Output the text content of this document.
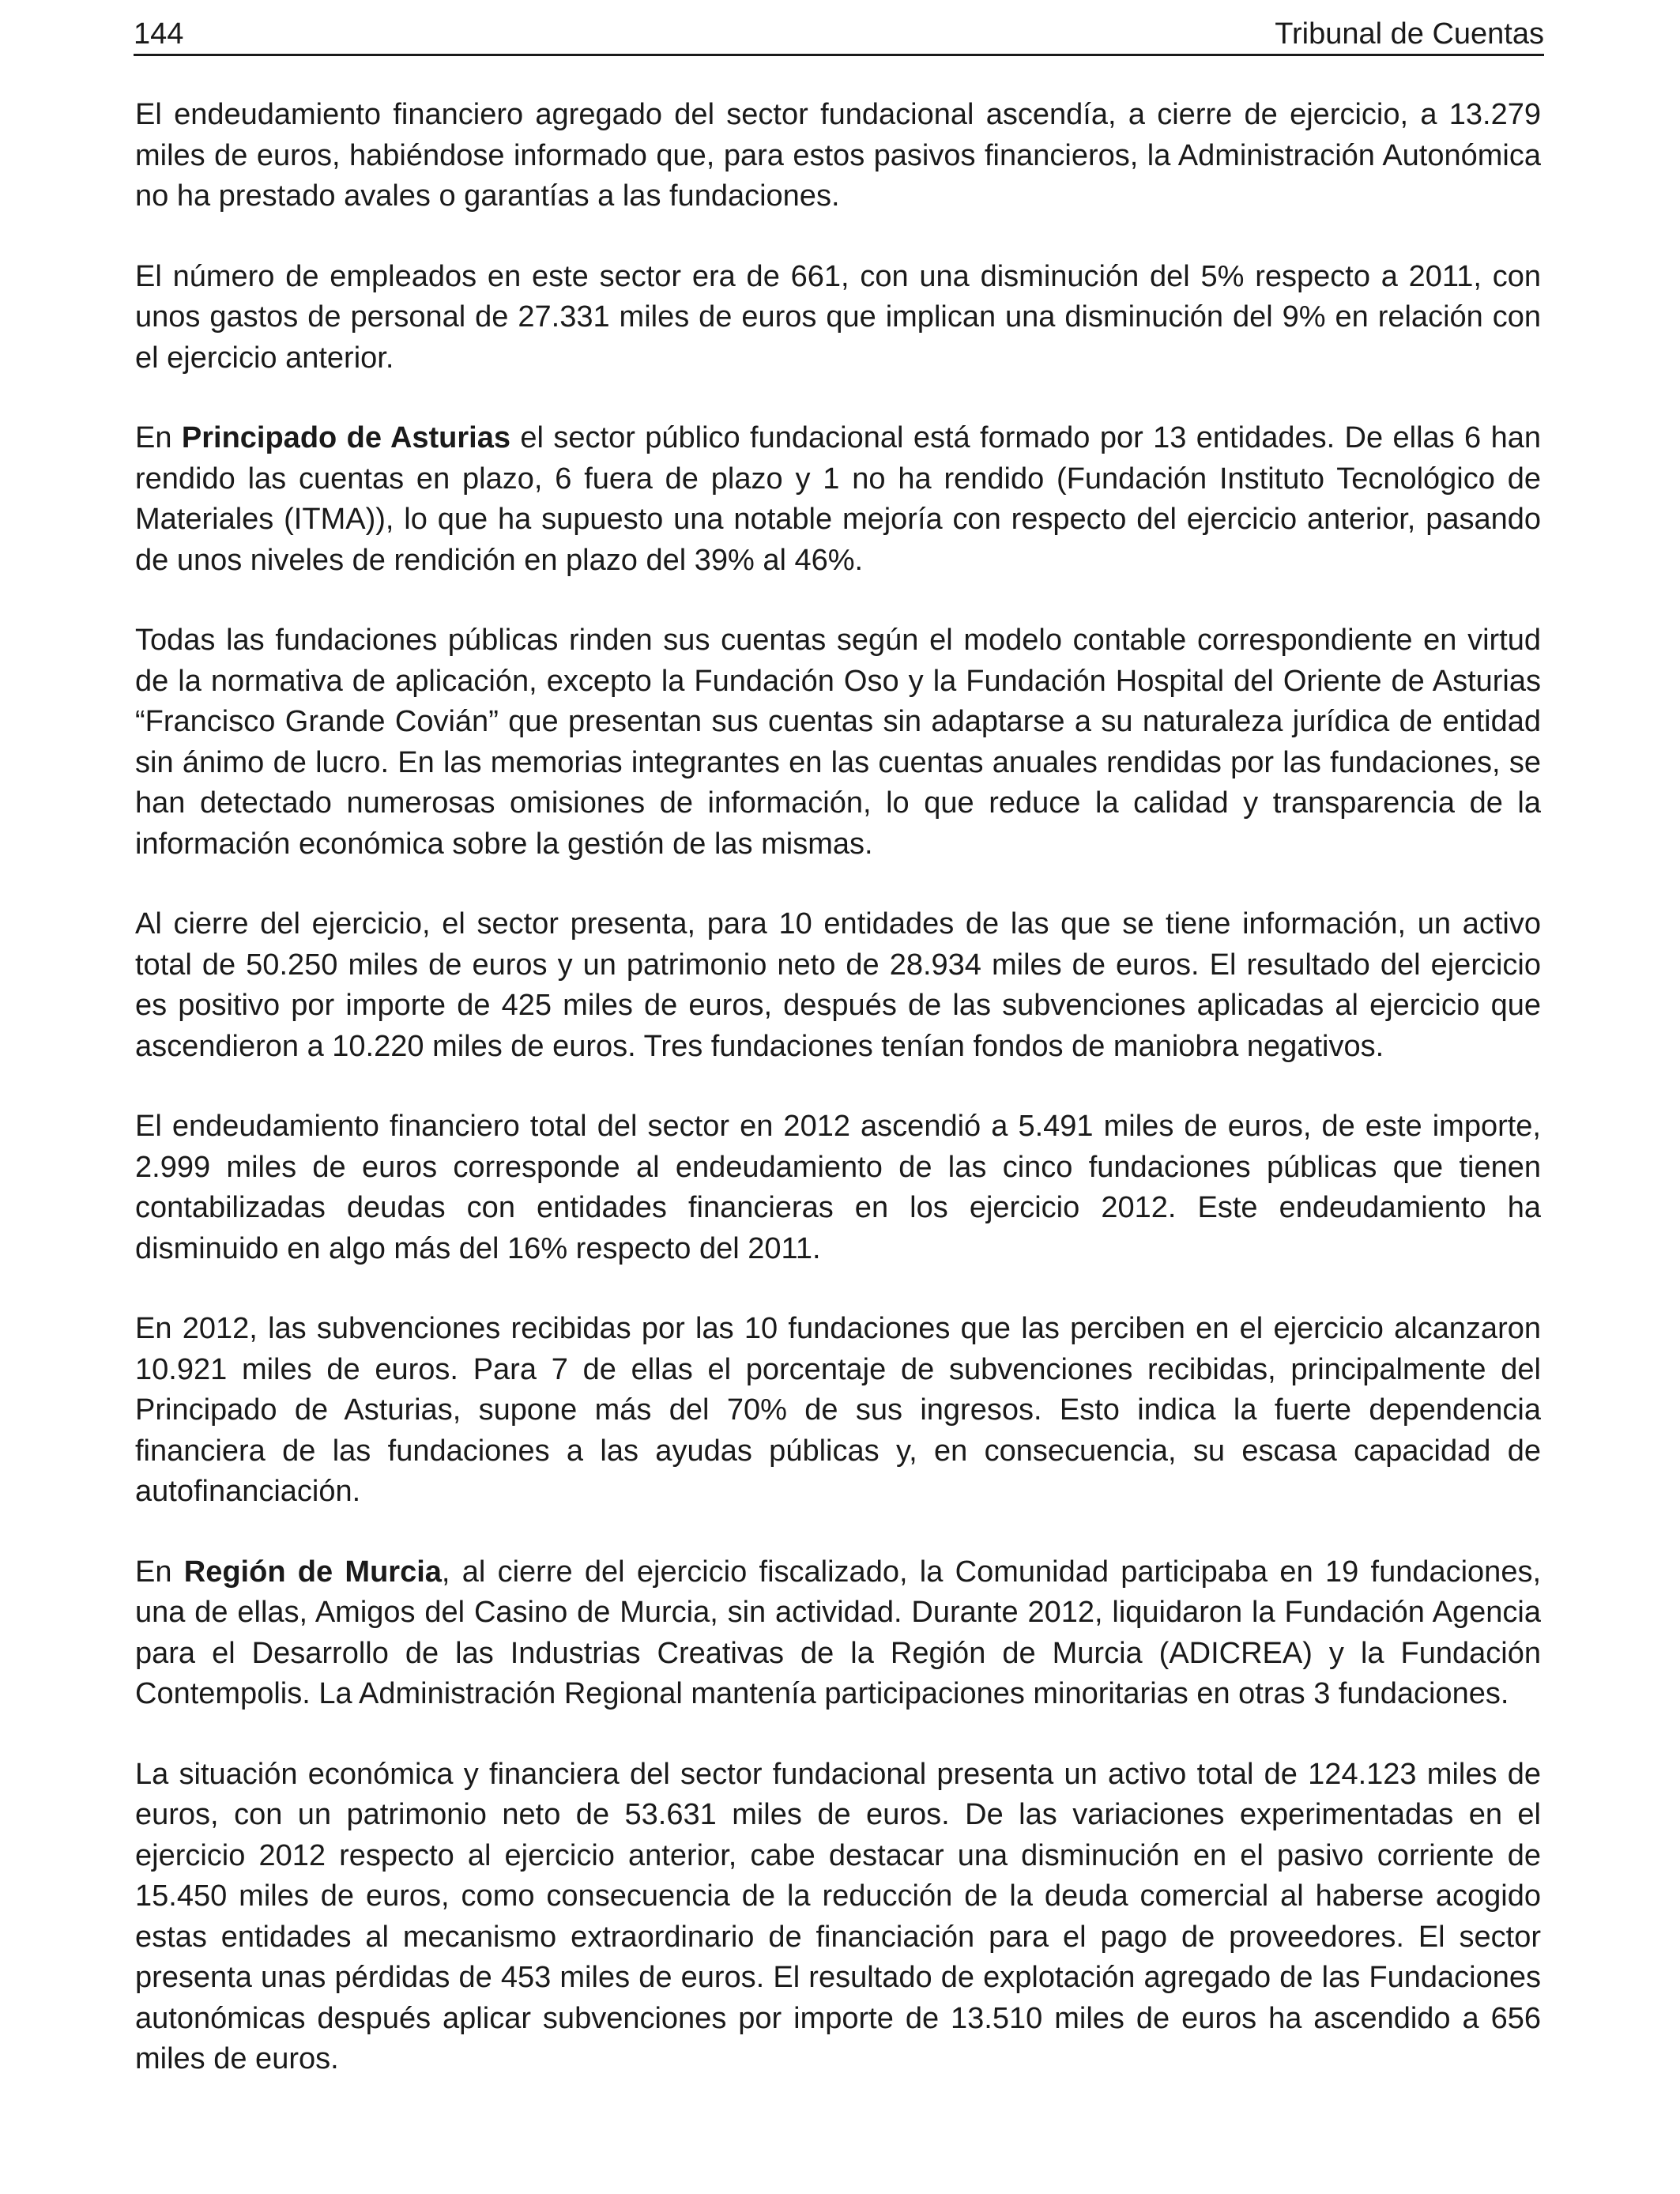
144	Tribunal de Cuentas

El endeudamiento financiero agregado del sector fundacional ascendía, a cierre de ejercicio, a 13.279 miles de euros, habiéndose informado que, para estos pasivos financieros, la Administración Autonómica no ha prestado avales o garantías a las fundaciones.

El número de empleados en este sector era de 661, con una disminución del 5% respecto a 2011, con unos gastos de personal de 27.331 miles de euros que implican una disminución del 9% en relación con el ejercicio anterior.

En Principado de Asturias el sector público fundacional está formado por 13 entidades. De ellas 6 han rendido las cuentas en plazo, 6 fuera de plazo y 1 no ha rendido (Fundación Instituto Tecnológico de Materiales (ITMA)), lo que ha supuesto una notable mejoría con respecto del ejercicio anterior, pasando de unos niveles de rendición en plazo del 39% al 46%.

Todas las fundaciones públicas rinden sus cuentas según el modelo contable correspondiente en virtud de la normativa de aplicación, excepto la Fundación Oso y la Fundación Hospital del Oriente de Asturias “Francisco Grande Covián” que presentan sus cuentas sin adaptarse a su naturaleza jurídica de entidad sin ánimo de lucro. En las memorias integrantes en las cuentas anuales rendidas por las fundaciones, se han detectado numerosas omisiones de información, lo que reduce la calidad y transparencia de la información económica sobre la gestión de las mismas.

Al cierre del ejercicio, el sector presenta, para 10 entidades de las que se tiene información, un activo total de 50.250 miles de euros y un patrimonio neto de 28.934 miles de euros. El resultado del ejercicio es positivo por importe de 425 miles de euros, después de las subvenciones aplicadas al ejercicio que ascendieron a 10.220 miles de euros. Tres fundaciones tenían fondos de maniobra negativos.

El endeudamiento financiero total del sector en 2012 ascendió a 5.491 miles de euros, de este importe, 2.999 miles de euros corresponde al endeudamiento de las cinco fundaciones públicas que tienen contabilizadas deudas con entidades financieras en los ejercicio 2012. Este endeudamiento ha disminuido en algo más del 16% respecto del 2011.

En 2012, las subvenciones recibidas por las 10 fundaciones que las perciben en el ejercicio alcanzaron 10.921 miles de euros. Para 7 de ellas el porcentaje de subvenciones recibidas, principalmente del Principado de Asturias, supone más del 70% de sus ingresos. Esto indica la fuerte dependencia financiera de las fundaciones a las ayudas públicas y, en consecuencia, su escasa capacidad de autofinanciación.

En Región de Murcia, al cierre del ejercicio fiscalizado, la Comunidad participaba en 19 fundaciones, una de ellas, Amigos del Casino de Murcia, sin actividad. Durante 2012, liquidaron la Fundación Agencia para el Desarrollo de las Industrias Creativas de la Región de Murcia (ADICREA) y la Fundación Contempolis. La Administración Regional mantenía participaciones minoritarias en otras 3 fundaciones.

La situación económica y financiera del sector fundacional presenta un activo total de 124.123 miles de euros, con un patrimonio neto de 53.631 miles de euros. De las variaciones experimentadas en el ejercicio 2012 respecto al ejercicio anterior, cabe destacar una disminución en el pasivo corriente de 15.450 miles de euros, como consecuencia de la reducción de la deuda comercial al haberse acogido estas entidades al mecanismo extraordinario de financiación para el pago de proveedores. El sector presenta unas pérdidas de 453 miles de euros. El resultado de explotación agregado de las Fundaciones autonómicas después aplicar subvenciones por importe de 13.510 miles de euros ha ascendido a 656 miles de euros.
